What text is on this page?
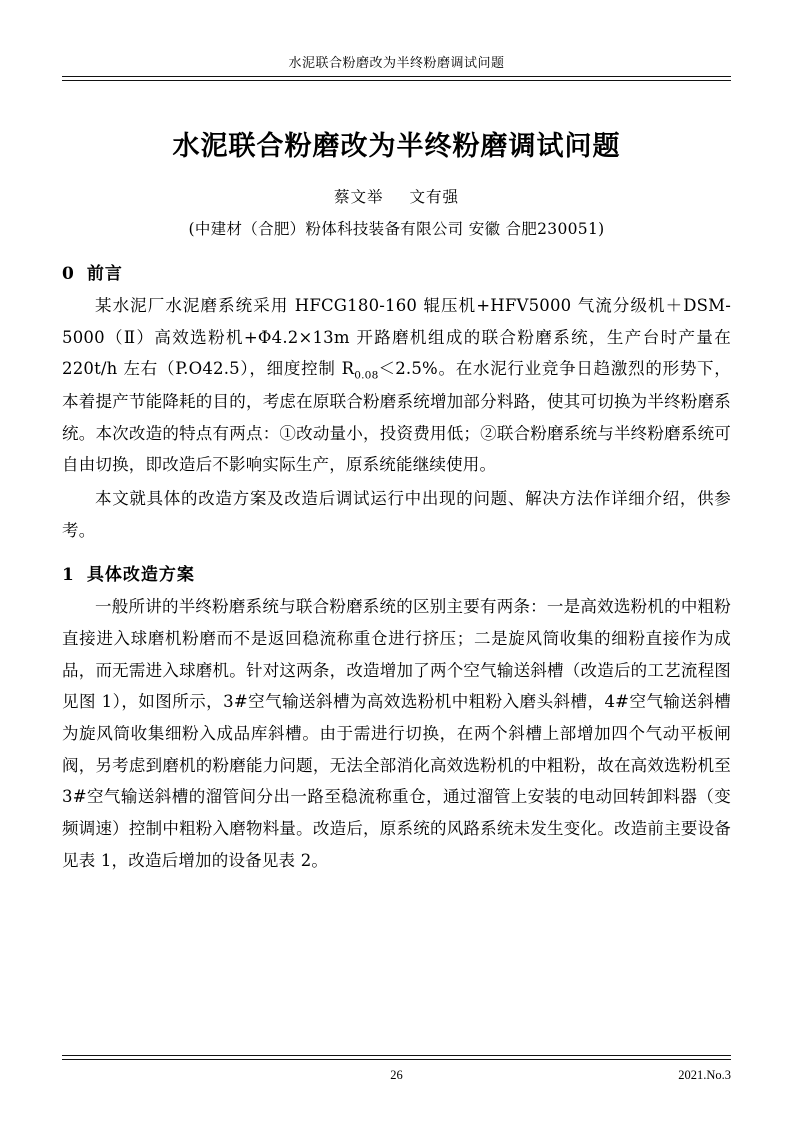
水泥联合粉磨改为半终粉磨调试问题
水泥联合粉磨改为半终粉磨调试问题
蔡文举 文有强
(中建材（合肥）粉体科技装备有限公司 安徽 合肥230051)
0 前言

某水泥厂水泥磨系统采用 HFCG180-160 辊压机+HFV5000 气流分级机＋DSM-5000（Ⅱ）高效选粉机+Φ4.2×13m 开路磨机组成的联合粉磨系统，生产台时产量在 220t/h 左右（P.O42.5），细度控制 $R_{0.08}<2.5\%$。在水泥行业竞争日趋激烈的形势下，本着提产节能降耗的目的，考虑在原联合粉磨系统增加部分料路，使其可切换为半终粉磨系统。本次改造的特点有两点：①改动量小，投资费用低；②联合粉磨系统与半终粉磨系统可自由切换，即改造后不影响实际生产，原系统能继续使用。

本文就具体的改造方案及改造后调试运行中出现的问题、解决方法作详细介绍，供参考。

1 具体改造方案

一般所讲的半终粉磨系统与联合粉磨系统的区别主要有两条：一是高效选粉机的中粗粉直接进入球磨机粉磨而不是返回稳流称重仓进行挤压；二是旋风筒收集的细粉直接作为成品，而无需进入球磨机。针对这两条，改造增加了两个空气输送斜槽（改造后的工艺流程图见图 1），如图所示，3#空气输送斜槽为高效选粉机中粗粉入磨头斜槽，4#空气输送斜槽为旋风筒收集细粉入成品库斜槽。由于需进行切换，在两个斜槽上部增加四个气动平板闸阀，另考虑到磨机的粉磨能力问题，无法全部消化高效选粉机的中粗粉，故在高效选粉机至 3#空气输送斜槽的溜管间分出一路至稳流称重仓，通过溜管上安装的电动回转卸料器（变频调速）控制中粗粉入磨物料量。改造后，原系统的风路系统未发生变化。改造前主要设备见表 1，改造后增加的设备见表 2。

26	2021.No.3
